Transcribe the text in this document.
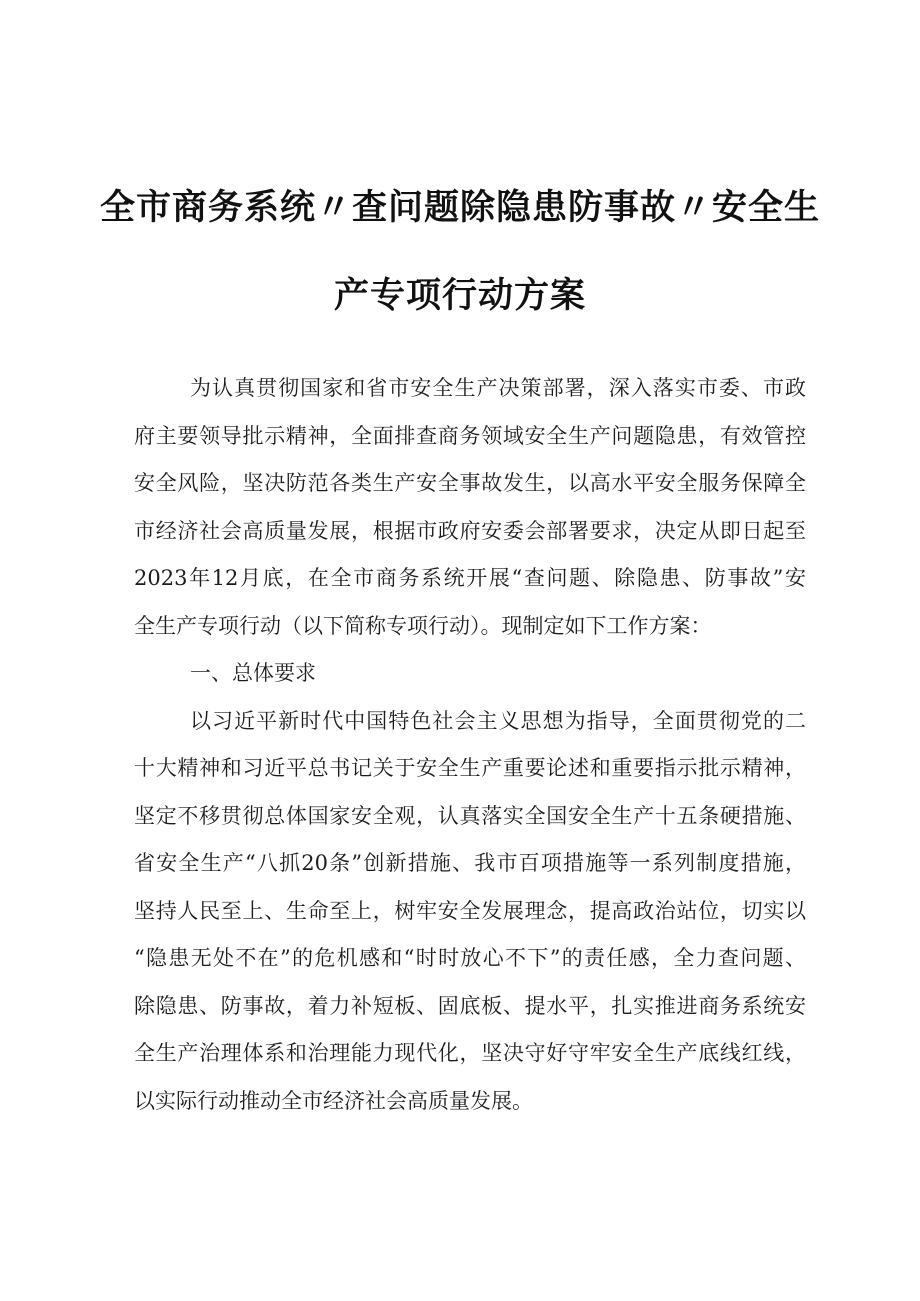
全市商务系统〃查问题除隐患防事故〃安全生
产专项行动方案
为认真贯彻国家和省市安全生产决策部署，深入落实市委、市政
府主要领导批示精神，全面排查商务领域安全生产问题隐患，有效管控
安全风险，坚决防范各类生产安全事故发生，以高水平安全服务保障全
市经济社会高质量发展，根据市政府安委会部署要求，决定从即日起至
2023年12月底，在全市商务系统开展“查问题、除隐患、防事故”安
全生产专项行动（以下简称专项行动）。现制定如下工作方案：
一、总体要求
以习近平新时代中国特色社会主义思想为指导，全面贯彻党的二
十大精神和习近平总书记关于安全生产重要论述和重要指示批示精神，
坚定不移贯彻总体国家安全观，认真落实全国安全生产十五条硬措施、
省安全生产“八抓20条”创新措施、我市百项措施等一系列制度措施，
坚持人民至上、生命至上，树牢安全发展理念，提高政治站位，切实以
“隐患无处不在”的危机感和“时时放心不下”的责任感，全力查问题、
除隐患、防事故，着力补短板、固底板、提水平，扎实推进商务系统安
全生产治理体系和治理能力现代化，坚决守好守牢安全生产底线红线，
以实际行动推动全市经济社会高质量发展。
